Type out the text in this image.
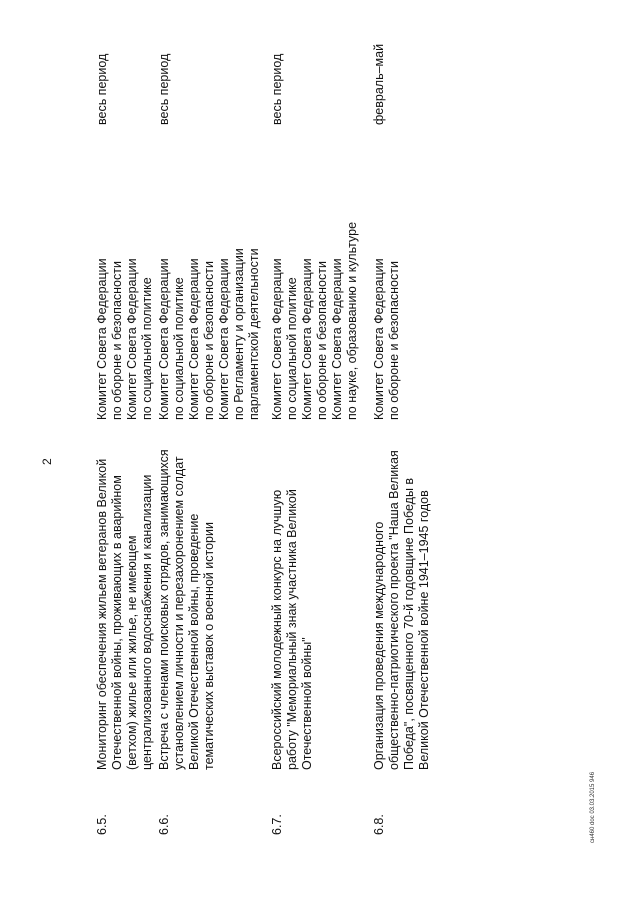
2
6.5.
Мониторинг обеспечения жильем ветеранов Великой Отечественной войны, проживающих в аварийном (ветхом) жилье или жилье, не имеющем централизованного водоснабжения и канализации
Комитет Совета Федерации по обороне и безопасности Комитет Совета Федерации по социальной политике
весь период
6.6.
Встреча с членами поисковых отрядов, занимающихся установлением личности и перезахоронением солдат Великой Отечественной войны, проведение тематических выставок о военной истории
Комитет Совета Федерации по социальной политике Комитет Совета Федерации по обороне и безопасности Комитет Совета Федерации по Регламенту и организации парламентской деятельности
весь период
6.7.
Всероссийский молодежный конкурс на лучшую работу "Мемориальный знак участника Великой Отечественной войны"
Комитет Совета Федерации по социальной политике Комитет Совета Федерации по обороне и безопасности Комитет Совета Федерации по науке, образованию и культуре
весь период
6.8.
Организация проведения международного общественно-патриотического проекта "Наша Великая Победа", посвященного 70-й годовщине Победы в Великой Отечественной войне 1941–1945 годов
Комитет Совета Федерации по обороне и безопасности
февраль–май
сн460 doc 03.03.2015 946
